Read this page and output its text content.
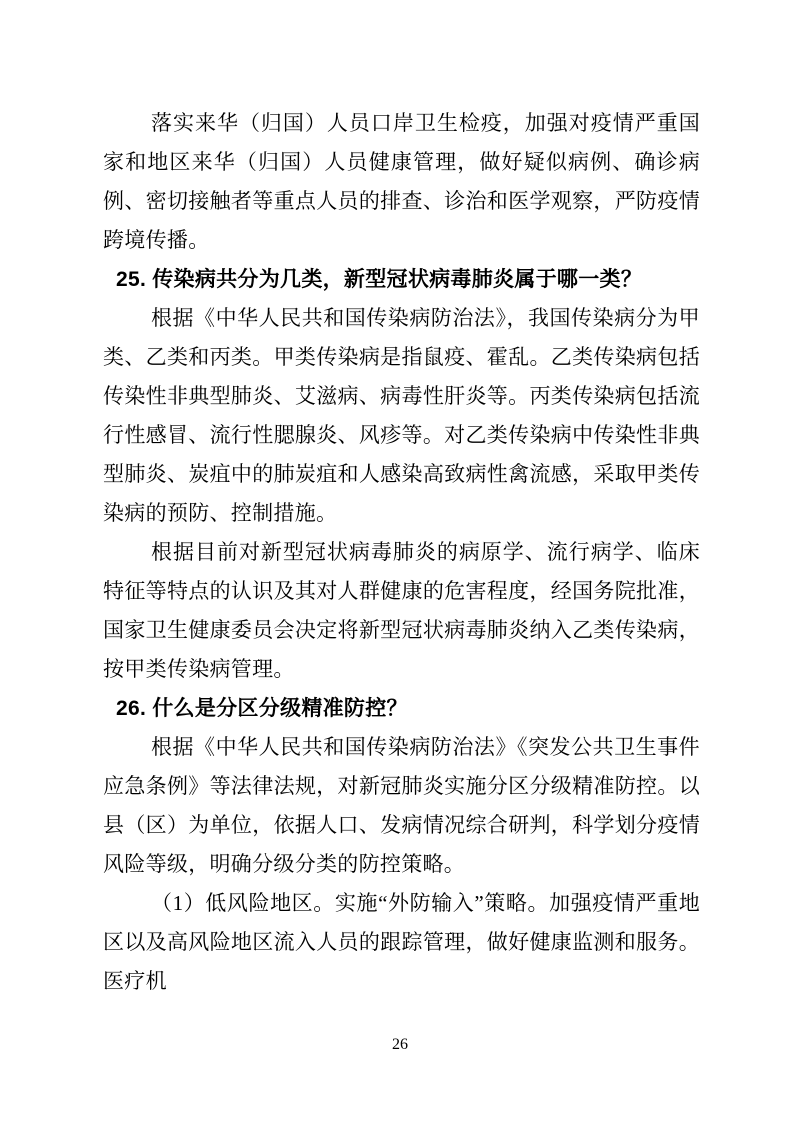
落实来华（归国）人员口岸卫生检疫，加强对疫情严重国家和地区来华（归国）人员健康管理，做好疑似病例、确诊病例、密切接触者等重点人员的排查、诊治和医学观察，严防疫情跨境传播。

25. 传染病共分为几类，新型冠状病毒肺炎属于哪一类？

根据《中华人民共和国传染病防治法》，我国传染病分为甲类、乙类和丙类。甲类传染病是指鼠疫、霍乱。乙类传染病包括传染性非典型肺炎、艾滋病、病毒性肝炎等。丙类传染病包括流行性感冒、流行性腮腺炎、风疹等。对乙类传染病中传染性非典型肺炎、炭疽中的肺炭疽和人感染高致病性禽流感，采取甲类传染病的预防、控制措施。

根据目前对新型冠状病毒肺炎的病原学、流行病学、临床特征等特点的认识及其对人群健康的危害程度，经国务院批准，国家卫生健康委员会决定将新型冠状病毒肺炎纳入乙类传染病，按甲类传染病管理。

26. 什么是分区分级精准防控？

根据《中华人民共和国传染病防治法》《突发公共卫生事件应急条例》等法律法规，对新冠肺炎实施分区分级精准防控。以县（区）为单位，依据人口、发病情况综合研判，科学划分疫情风险等级，明确分级分类的防控策略。

（1）低风险地区。实施“外防输入”策略。加强疫情严重地区以及高风险地区流入人员的跟踪管理，做好健康监测和服务。医疗机

26
